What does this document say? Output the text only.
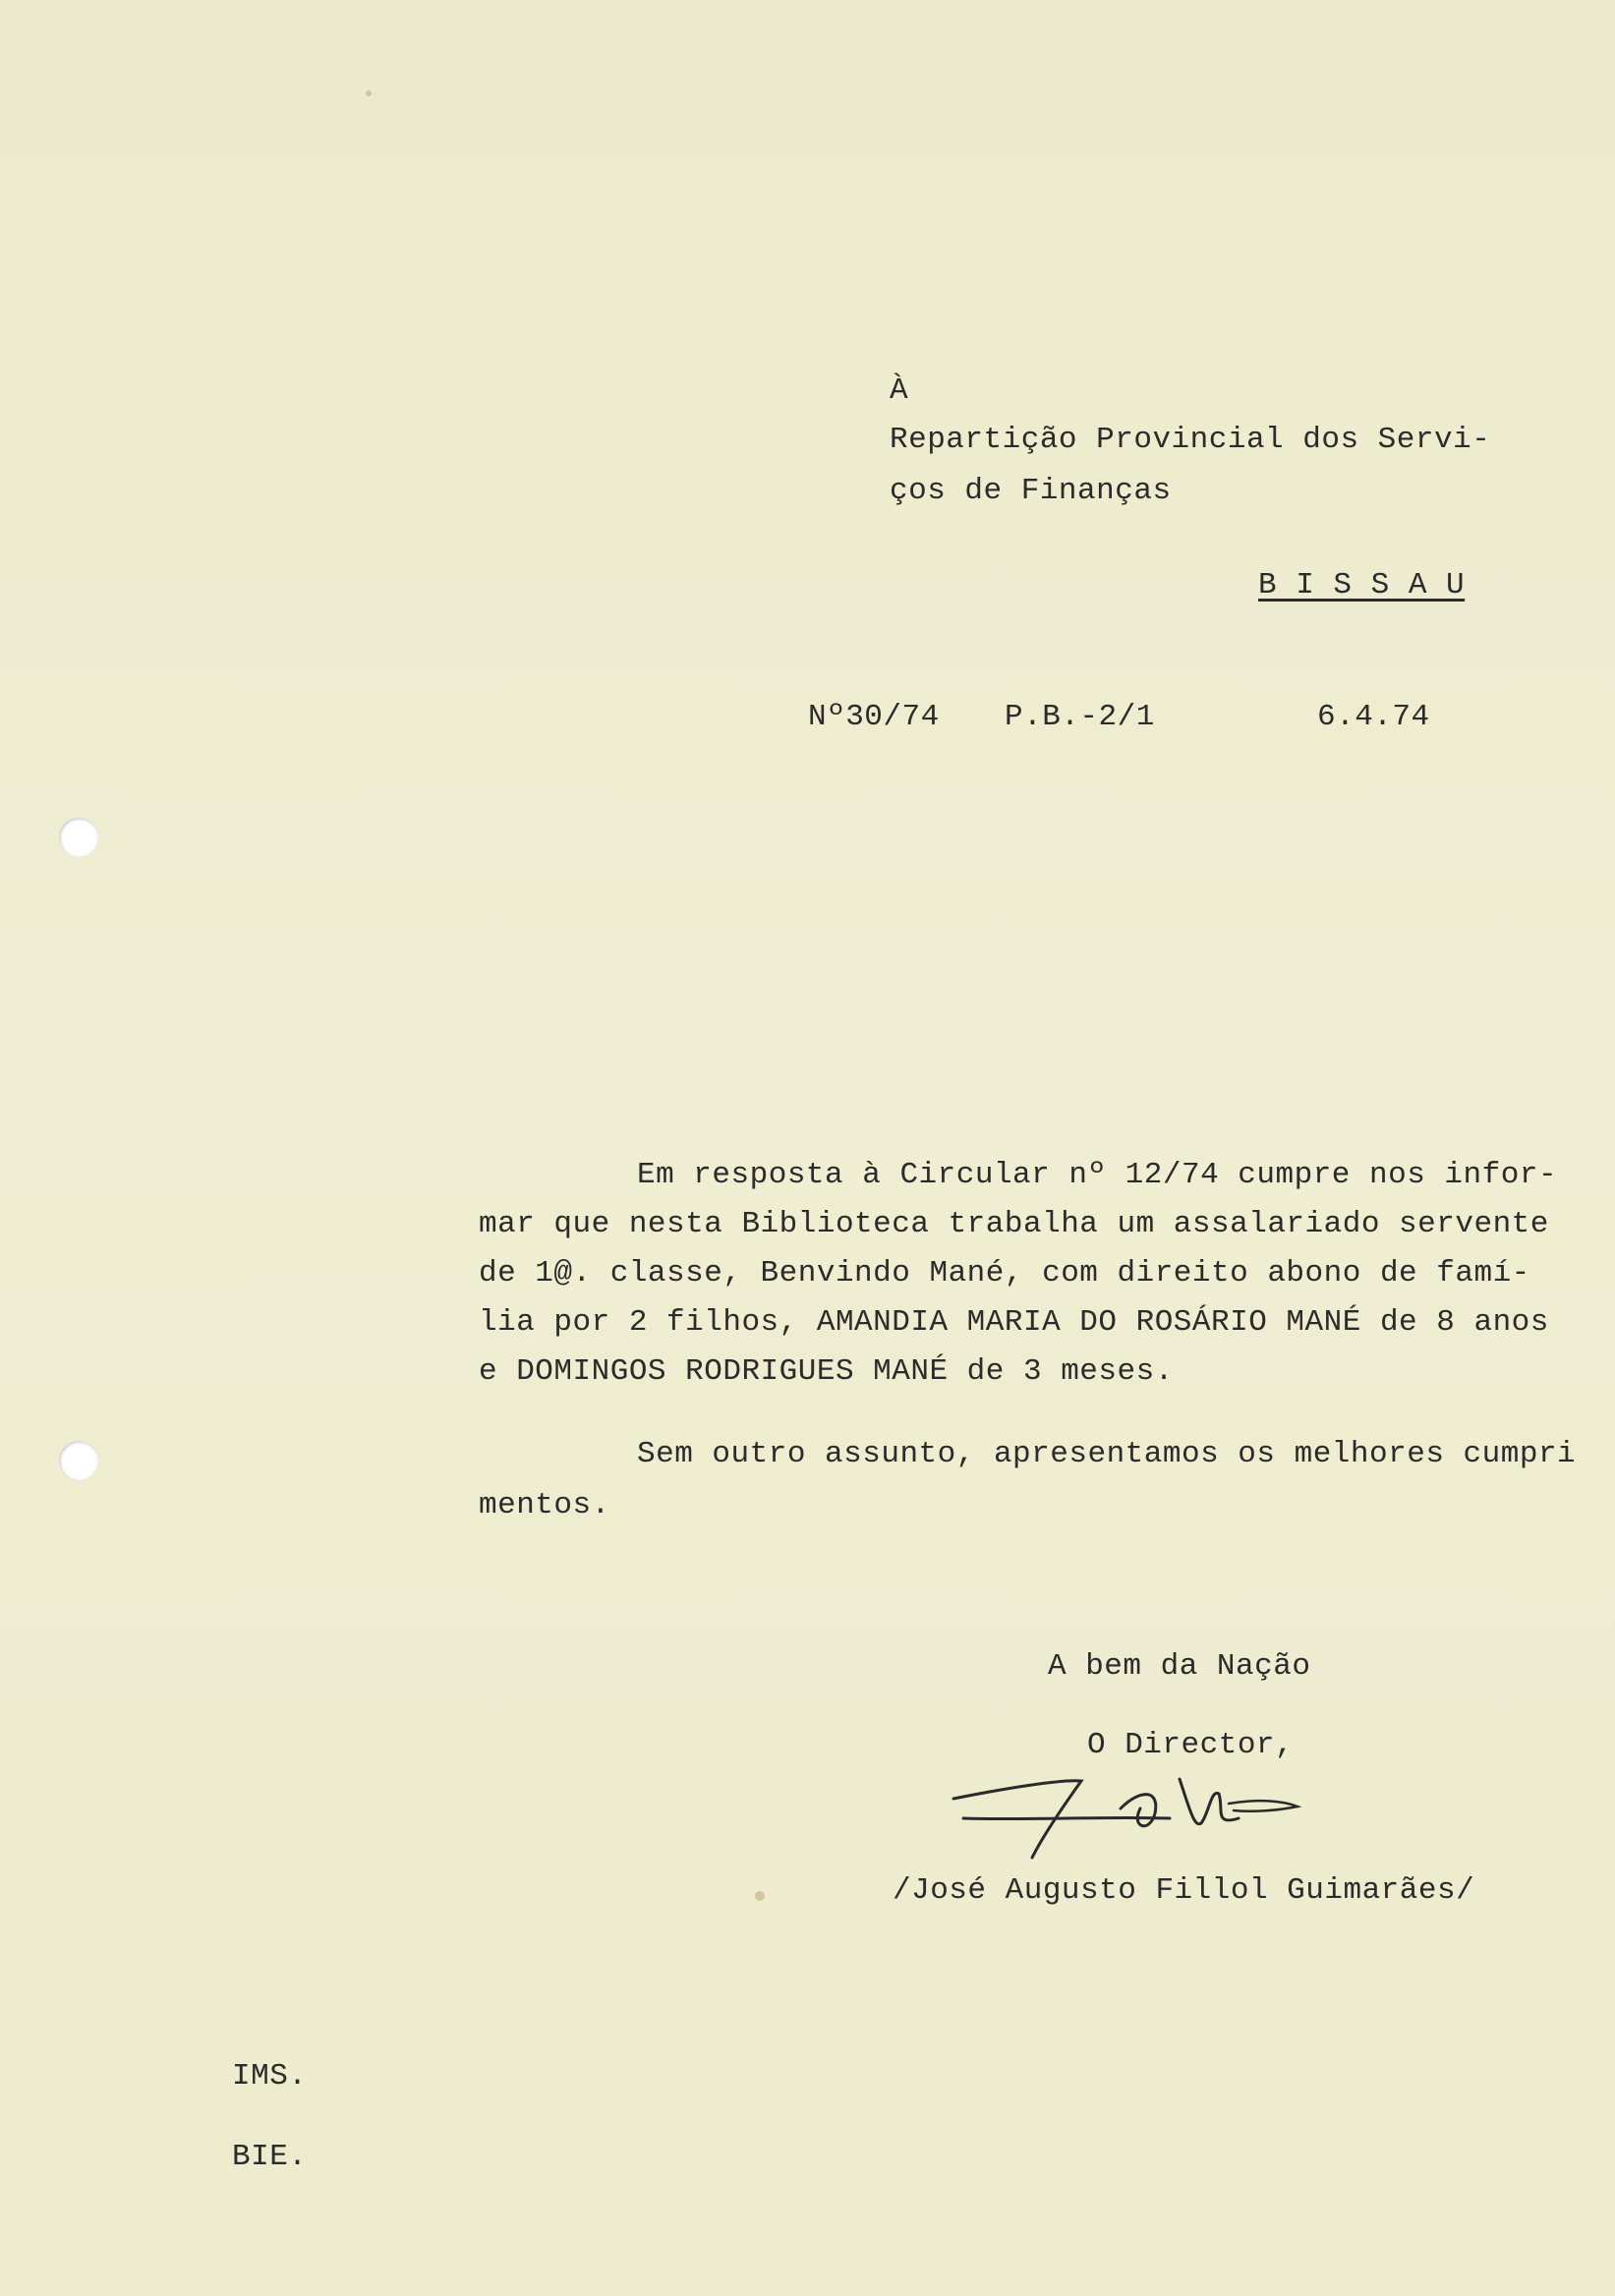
À
Repartição Provincial dos Servi-
ços de Finanças
B I S S A U
Nº30/74 P.B.-2/1	6.4.74
Em resposta à Circular nº 12/74 cumpre nos infor-
mar que nesta Biblioteca trabalha um assalariado servente
de 1@. classe, Benvindo Mané, com direito abono de famí-
lia por 2 filhos, AMANDIA MARIA DO ROSÁRIO MANÉ de 8 anos
e DOMINGOS RODRIGUES MANÉ de 3 meses.
Sem outro assunto, apresentamos os melhores cumpri
mentos.
A bem da Nação
O Director,
/José Augusto Fillol Guimarães/
IMS.
BIE.
